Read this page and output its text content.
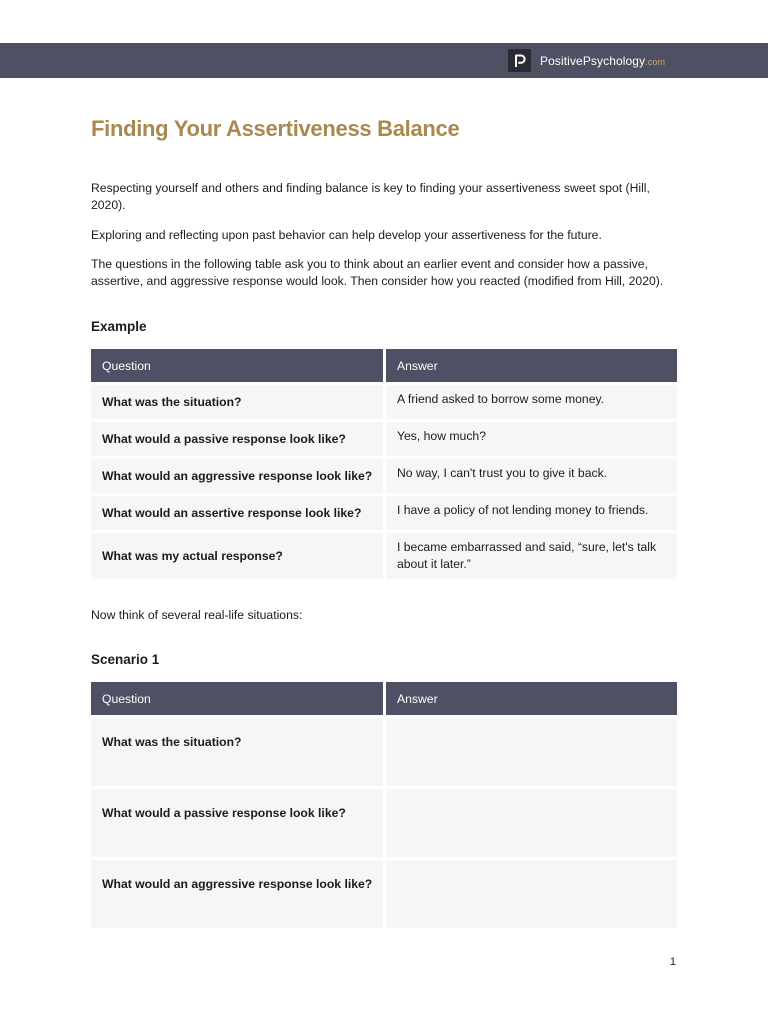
PositivePsychology.com
Finding Your Assertiveness Balance

Respecting yourself and others and finding balance is key to finding your assertiveness sweet spot (Hill, 2020).

Exploring and reflecting upon past behavior can help develop your assertiveness for the future.

The questions in the following table ask you to think about an earlier event and consider how a passive, assertive, and aggressive response would look. Then consider how you reacted (modified from Hill, 2020).

Example
Question	Answer
What was the situation?	A friend asked to borrow some money.
What would a passive response look like?	Yes, how much?
What would an aggressive response look like?	No way, I can't trust you to give it back.
What would an assertive response look like?	I have a policy of not lending money to friends.
What was my actual response?	I became embarrassed and said, “sure, let's talk about it later.”

Now think of several real-life situations:

Scenario 1
Question	Answer
What was the situation?	
What would a passive response look like?	
What would an aggressive response look like?	
1
